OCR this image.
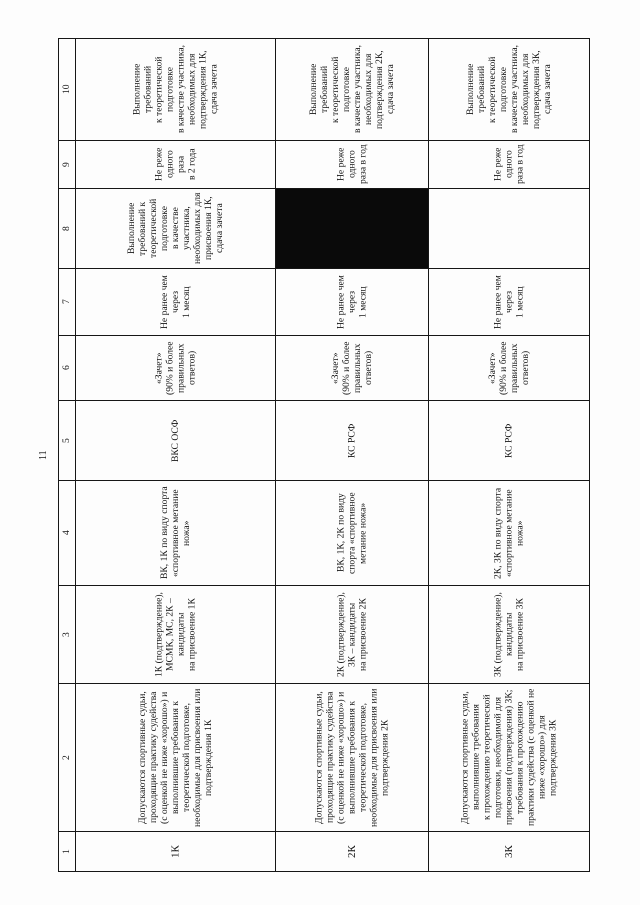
11
1
2
3
4
5
6
7
8
9
10
1К
Допускаются спортивные судьи,
проходящие практику судейства
(с оценкой не ниже «хорошо») и
выполнившие требования к
теоретической подготовке,
необходимые для присвоения или
подтверждения 1К
1К (подтверждение),
МСМК, МС, 2К –
кандидаты
на присвоение 1К
ВК, 1К по виду спорта
«спортивное метание
ножа»
ВКС ОСФ
«Зачет»
(90% и более
правильных
ответов)
Не ранее чем
через
1 месяц
Выполнение
требований к
теоретической
подготовке
в качестве
участника,
необходимых для
присвоения 1К,
сдача зачета
Не реже
одного
раза
в 2 года
Выполнение
требований
к теоретической
подготовке
в качестве участника,
необходимых для
подтверждения 1К,
сдача зачета
2К
Допускаются спортивные судьи,
проходящие практику судейства
(с оценкой не ниже «хорошо») и
выполнившие требования к
теоретической подготовке,
необходимые для присвоения или
подтверждения 2К
2К (подтверждение),
3К – кандидаты
на присвоение 2К
ВК, 1К, 2К по виду
спорта «спортивное
метание ножа»
КС РСФ
«Зачет»
(90% и более
правильных
ответов)
Не ранее чем
через
1 месяц
Не реже
одного
раза в год
Выполнение
требований
к теоретической
подготовке
в качестве участника,
необходимых для
подтверждения 2К,
сдача зачета
3К
Допускаются спортивные судьи,
выполнившие требования
к прохождению теоретической
подготовки, необходимой для
присвоения (подтверждения) 3К;
требования к прохождению
практики судейства (с оценкой не
ниже «хорошо») для
подтверждения 3К
3К (подтверждение),
кандидаты
на присвоение 3К
2К, 3К по виду спорта
«спортивное метание
ножа»
КС РСФ
«Зачет»
(90% и более
правильных
ответов)
Не ранее чем
через
1 месяц
Не реже
одного
раза в год
Выполнение
требований
к теоретической
подготовке
в качестве участника,
необходимых для
подтверждения 3К,
сдача зачета
